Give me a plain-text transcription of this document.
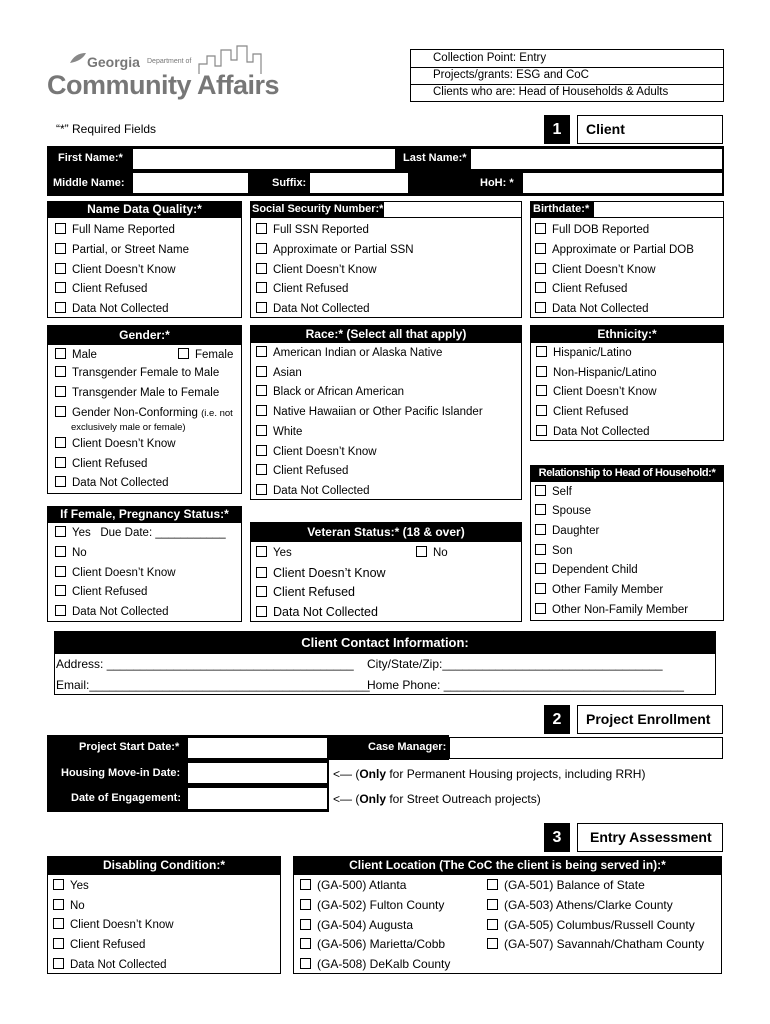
Georgia Department of
Community Affairs
Collection Point: Entry
Projects/grants: ESG and CoC
Clients who are: Head of Households & Adults
“*” Required Fields	1	Client
First Name:*	Last Name:*
Middle Name:	Suffix:	HoH: *
Name Data Quality:*
Full Name Reported
Partial, or Street Name
Client Doesn’t Know
Client Refused
Data Not Collected
Social Security Number:*
Full SSN Reported
Approximate or Partial SSN
Client Doesn’t Know
Client Refused
Data Not Collected
Birthdate:*
Full DOB Reported
Approximate or Partial DOB
Client Doesn’t Know
Client Refused
Data Not Collected
Gender:*
Male	Female
Transgender Female to Male
Transgender Male to Female
Gender Non-Conforming (i.e. not
exclusively male or female)
Client Doesn’t Know
Client Refused
Data Not Collected
Race:* (Select all that apply)
American Indian or Alaska Native
Asian
Black or African American
Native Hawaiian or Other Pacific Islander
White
Client Doesn’t Know
Client Refused
Data Not Collected
Ethnicity:*
Hispanic/Latino
Non-Hispanic/Latino
Client Doesn’t Know
Client Refused
Data Not Collected
Relationship to Head of Household:*
Self
Spouse
Daughter
Son
Dependent Child
Other Family Member
Other Non-Family Member
If Female, Pregnancy Status:*
Yes Due Date: ___________
No
Client Doesn’t Know
Client Refused
Data Not Collected
Veteran Status:* (18 & over)
Yes	No
Client Doesn’t Know
Client Refused
Data Not Collected
Client Contact Information:
Address: _____________________________________ City/State/Zip:_________________________________
Email:__________________________________________
Home Phone: ____________________________________
2	Project Enrollment
Project Start Date:*	Case Manager:
Housing Move-in Date:
Date of Engagement:
<— (Only for Permanent Housing projects, including RRH)
<— (Only for Street Outreach projects)
3	Entry Assessment
Disabling Condition:*
Yes
No
Client Doesn’t Know
Client Refused
Data Not Collected
Client Location (The CoC the client is being served in):*
(GA-500) Atlanta
(GA-502) Fulton County
(GA-504) Augusta
(GA-506) Marietta/Cobb
(GA-508) DeKalb County
(GA-501) Balance of State
(GA-503) Athens/Clarke County
(GA-505) Columbus/Russell County
(GA-507) Savannah/Chatham County
